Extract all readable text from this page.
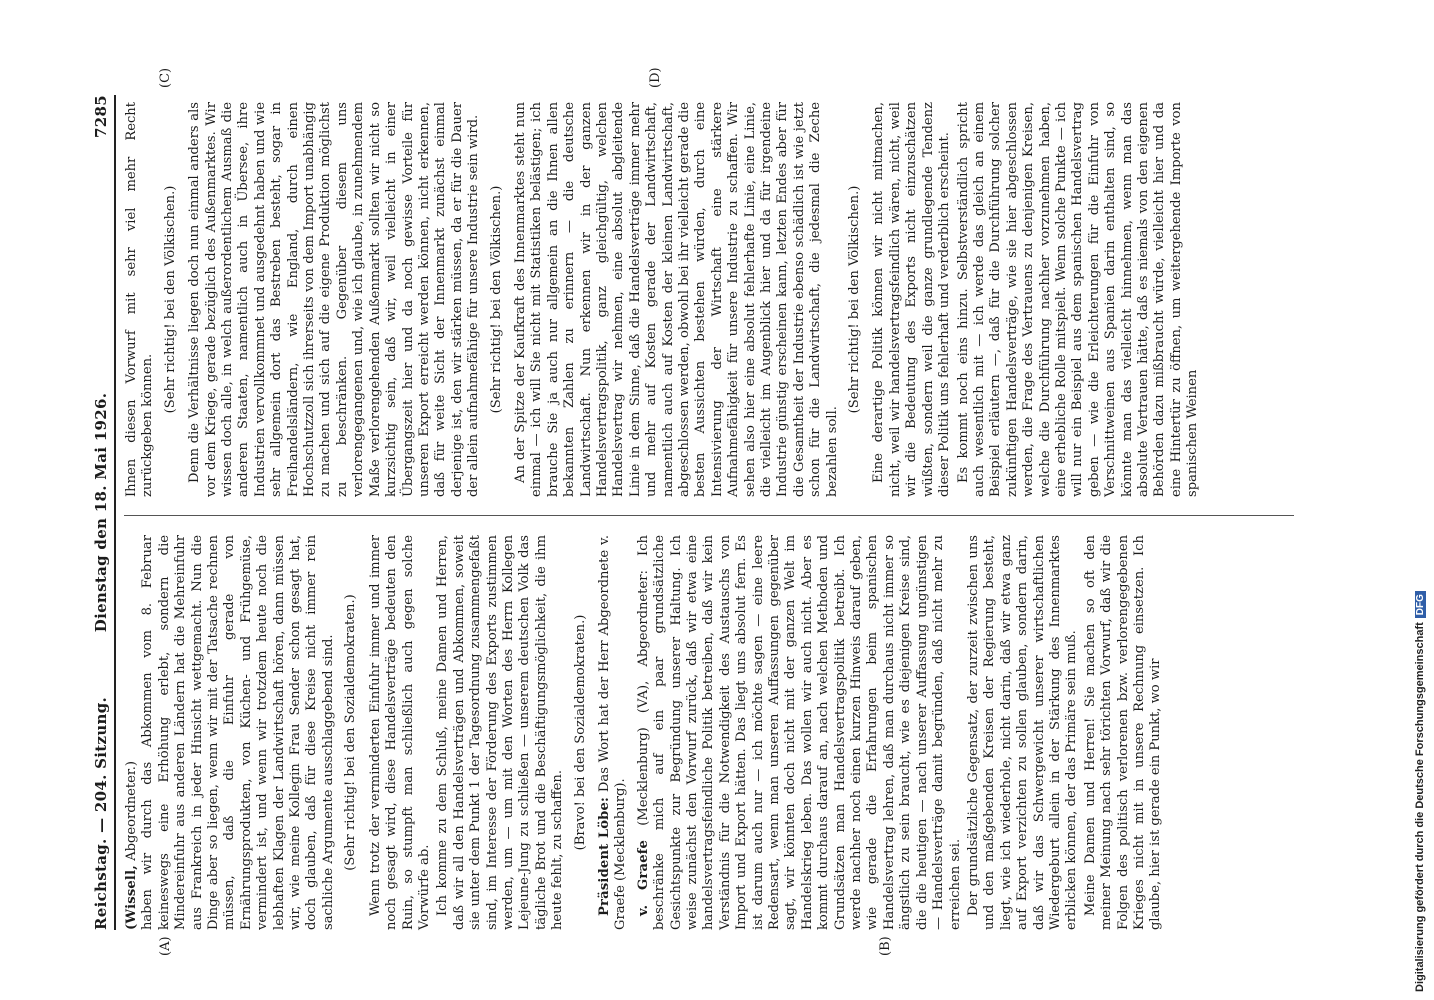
Reichstag. — 204. Sitzung.
Dienstag den 18. Mai 1926.
7285
(A)	(B)
(C)	(D)

(Wissell, Abgeordneter.)
haben wir durch das Abkommen vom 8. Februar keineswegs eine Erhöhung erlebt, sondern die Mindereinfuhr aus anderen Ländern hat die Mehreinfuhr aus Frankreich in jeder Hinsicht wettgemacht. Nun die Dinge aber so liegen, wenn wir mit der Tatsache rechnen müssen, daß die Einfuhr gerade von Ernährungsprodukten, von Küchen- und Frühgemüse, vermindert ist, und wenn wir trotzdem heute noch die lebhaften Klagen der Landwirtschaft hören, dann müssen wir, wie meine Kollegin Frau Sender schon gesagt hat, doch glauben, daß für diese Kreise nicht immer rein sachliche Argumente ausschlaggebend sind. (Sehr richtig! bei den Sozialdemokraten.) Wenn trotz der verminderten Einfuhr immer und immer noch gesagt wird, diese Handelsverträge bedeuten den Ruin, so stumpft man schließlich auch gegen solche Vorwürfe ab. Ich komme zu dem Schluß, meine Damen und Herren, daß wir all den Handelsverträgen und Abkommen, soweit sie unter dem Punkt 1 der Tagesordnung zusammengefaßt sind, im Interesse der Förderung des Exports zustimmen werden, um — um mit den Worten des Herrn Kollegen Lejeune-Jung zu schließen — unserem deutschen Volk das tägliche Brot und die Beschäftigungsmöglichkeit, die ihm heute fehlt, zu schaffen. (Bravo! bei den Sozialdemokraten.)

Präsident Löbe: Das Wort hat der Herr Abgeordnete v. Graefe (Mecklenburg). v. Graefe (Mecklenburg) (VA), Abgeordneter: Ich beschränke mich auf ein paar grundsätzliche Gesichtspunkte zur Begründung unserer Haltung. Ich weise zunächst den Vorwurf zurück, daß wir etwa eine handelsvertragsfeindliche Politik betreiben, daß wir kein Verständnis für die Notwendigkeit des Austauschs von Import und Export hätten. Das liegt uns absolut fern. Es ist darum auch nur — ich möchte sagen — eine leere Redensart, wenn man unseren Auffassungen gegenüber sagt, wir könnten doch nicht mit der ganzen Welt im Handelskrieg leben. Das wollen wir auch nicht. Aber es kommt durchaus darauf an, nach welchen Methoden und Grundsätzen man Handelsvertragspolitik betreibt. Ich werde nachher noch einen kurzen Hinweis darauf geben, wie gerade die Erfahrungen beim spanischen Handelsvertrag lehren, daß man durchaus nicht immer so ängstlich zu sein braucht, wie es diejenigen Kreise sind, die die heutigen — nach unserer Auffassung ungünstigen — Handelsverträge damit begründen, daß nicht mehr zu erreichen sei. Der grundsätzliche Gegensatz, der zurzeit zwischen uns und den maßgebenden Kreisen der Regierung besteht, liegt, wie ich wiederhole, nicht darin, daß wir etwa ganz auf Export verzichten zu sollen glauben, sondern darin, daß wir das Schwergewicht unserer wirtschaftlichen Wiedergeburt allein in der Stärkung des Innenmarktes erblicken können, der das Primäre sein muß. Meine Damen und Herren! Sie machen so oft den meiner Meinung nach sehr törichten Vorwurf, daß wir die Folgen des politisch verlorenen bzw. verlorengegebenen Krieges nicht mit in unsere Rechnung einsetzen. Ich glaube, hier ist gerade ein Punkt, wo wir

Ihnen diesen Vorwurf mit sehr viel mehr Recht zurückgeben können.

(Sehr richtig! bei den Völkischen.) Denn die Verhältnisse liegen doch nun einmal anders als vor dem Kriege, gerade bezüglich des Außenmarktes. Wir wissen doch alle, in welch außerordentlichem Ausmaß die anderen Staaten, namentlich auch in Übersee, ihre Industrien vervollkommnet und ausgedehnt haben und wie sehr allgemein dort das Bestreben besteht, sogar in Freihandelsländern, wie England, durch einen Hochschutzzoll sich ihrerseits von dem Import unabhängig zu machen und sich auf die eigene Produktion möglichst zu beschränken. Gegenüber diesem uns verlorengegangenen und, wie ich glaube, in zunehmendem Maße verlorengehenden Außenmarkt sollten wir nicht so kurzsichtig sein, daß wir, weil vielleicht in einer Übergangszeit hier und da noch gewisse Vorteile für unseren Export erreicht werden können, nicht erkennen, daß für weite Sicht der Innenmarkt zunächst einmal derjenige ist, den wir stärken müssen, da er für die Dauer der allein aufnahmefähige für unsere Industrie sein wird. (Sehr richtig! bei den Völkischen.) An der Spitze der Kaufkraft des Innenmarktes steht nun einmal — ich will Sie nicht mit Statistiken belästigen; ich brauche Sie ja auch nur allgemein an die Ihnen allen bekannten Zahlen zu erinnern — die deutsche Landwirtschaft. Nun erkennen wir in der ganzen Handelsvertragspolitik, ganz gleichgültig, welchen Handelsvertrag wir nehmen, eine absolut abgleitende Linie in dem Sinne, daß die Handelsverträge immer mehr und mehr auf Kosten gerade der Landwirtschaft, namentlich auch auf Kosten der kleinen Landwirtschaft, abgeschlossen werden, obwohl bei ihr vielleicht gerade die besten Aussichten bestehen würden, durch eine Intensivierung der Wirtschaft eine stärkere Aufnahmefähigkeit für unsere Industrie zu schaffen. Wir sehen also hier eine absolut fehlerhafte Linie, eine Linie, die vielleicht im Augenblick hier und da für irgendeine Industrie günstig erscheinen kann, letzten Endes aber für die Gesamtheit der Industrie ebenso schädlich ist wie jetzt schon für die Landwirtschaft, die jedesmal die Zeche bezahlen soll.

(Sehr richtig! bei den Völkischen.) Eine derartige Politik können wir nicht mitmachen, nicht, weil wir handelsvertragsfeindlich wären, nicht, weil wir die Bedeutung des Exports nicht einzuschätzen wüßten, sondern weil die ganze grundlegende Tendenz dieser Politik uns fehlerhaft und verderblich erscheint. Es kommt noch eins hinzu. Selbstverständlich spricht auch wesentlich mit — ich werde das gleich an einem Beispiel erläutern —, daß für die Durchführung solcher zukünftigen Handelsverträge, wie sie hier abgeschlossen werden, die Frage des Vertrauens zu denjenigen Kreisen, welche die Durchführung nachher vorzunehmen haben, eine erhebliche Rolle mitspielt. Wenn solche Punkte — ich will nur ein Beispiel aus dem spanischen Handelsvertrag geben — wie die Erleichterungen für die Einfuhr von Verschnittweinen aus Spanien darin enthalten sind, so könnte man das vielleicht hinnehmen, wenn man das absolute Vertrauen hätte, daß es niemals von den eigenen Behörden dazu mißbraucht würde, vielleicht hier und da eine Hintertür zu öffnen, um weitergehende Importe von spanischen Weinen

Digitalisierung gefördert durch die Deutsche ForschungsgemeinschaftDFG
